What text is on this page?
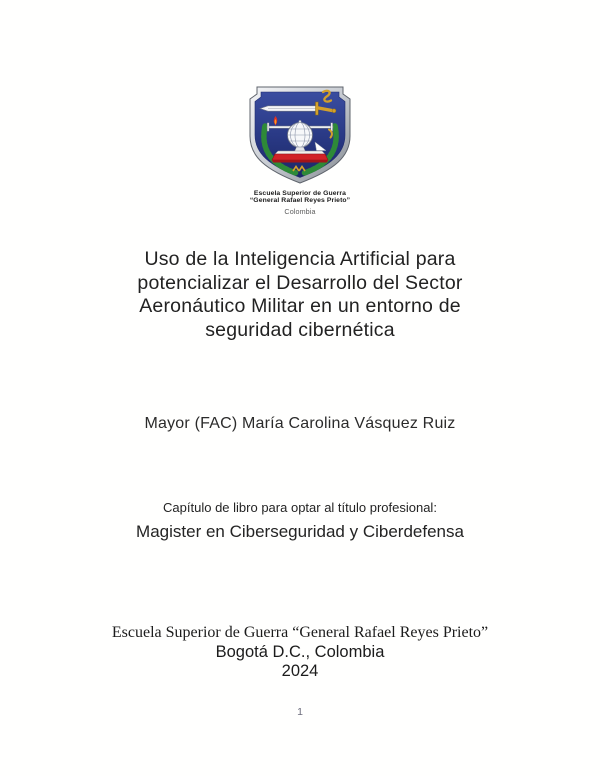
Escuela Superior de Guerra
“General Rafael Reyes Prieto”
Colombia
Uso de la Inteligencia Artificial para
potencializar el Desarrollo del Sector
Aeronáutico Militar en un entorno de
seguridad cibernética
Mayor (FAC) María Carolina Vásquez Ruiz
Capítulo de libro para optar al título profesional:
Magister en Ciberseguridad y Ciberdefensa
Escuela Superior de Guerra “General Rafael Reyes Prieto”
Bogotá D.C., Colombia
2024
1
